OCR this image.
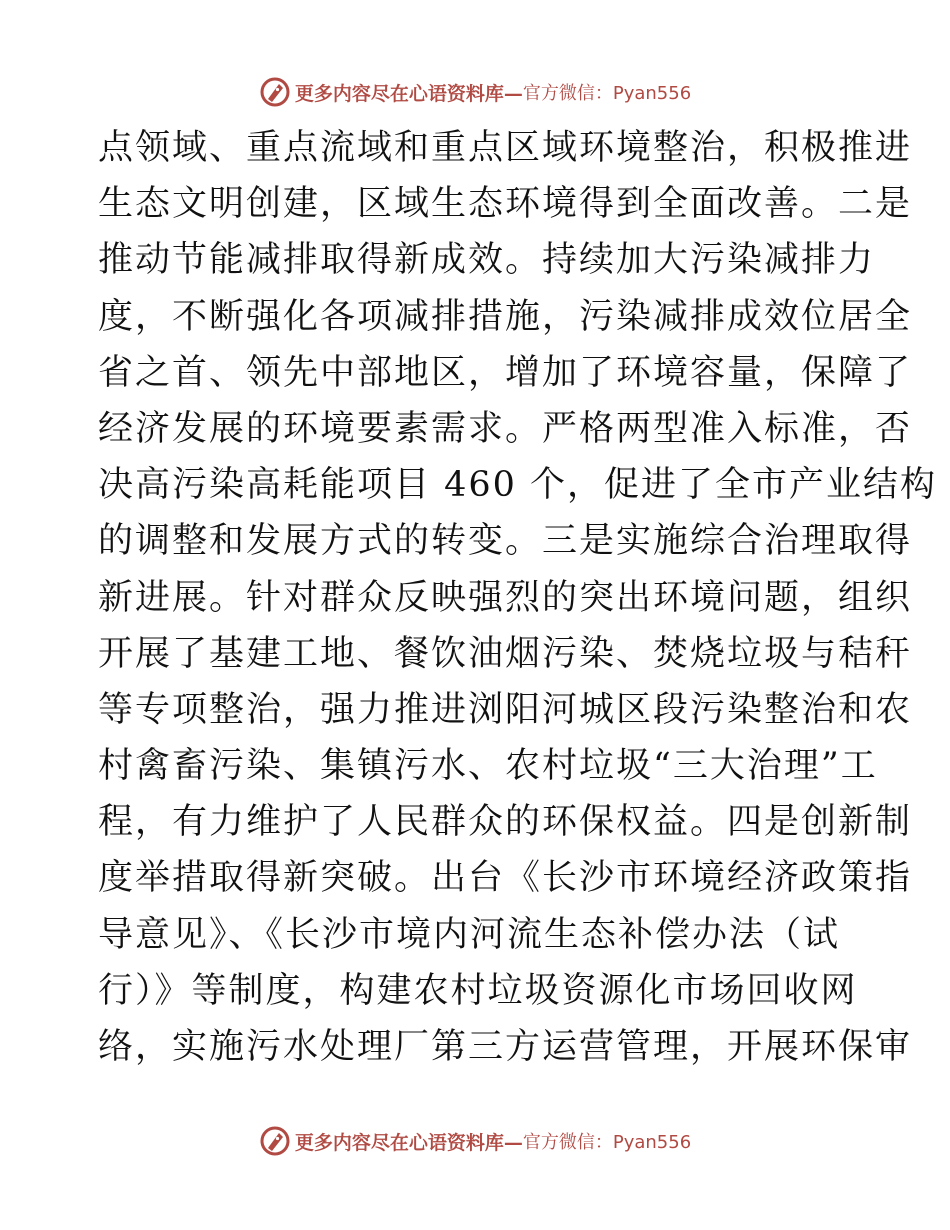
更多内容尽在心语资料库— 官方微信：Pyan556
点领域、重点流域和重点区域环境整治，积极推进
生态文明创建，区域生态环境得到全面改善。二是
推动节能减排取得新成效。持续加大污染减排力
度，不断强化各项减排措施，污染减排成效位居全
省之首、领先中部地区，增加了环境容量，保障了
经济发展的环境要素需求。严格两型准入标准，否
决高污染高耗能项目 460 个，促进了全市产业结构
的调整和发展方式的转变。三是实施综合治理取得
新进展。针对群众反映强烈的突出环境问题，组织
开展了基建工地、餐饮油烟污染、焚烧垃圾与秸秆
等专项整治，强力推进浏阳河城区段污染整治和农
村禽畜污染、集镇污水、农村垃圾“三大治理”工
程，有力维护了人民群众的环保权益。四是创新制
度举措取得新突破。出台《长沙市环境经济政策指
导意见》、《长沙市境内河流生态补偿办法（试
行）》等制度，构建农村垃圾资源化市场回收网
络，实施污水处理厂第三方运营管理，开展环保审
更多内容尽在心语资料库— 官方微信：Pyan556
